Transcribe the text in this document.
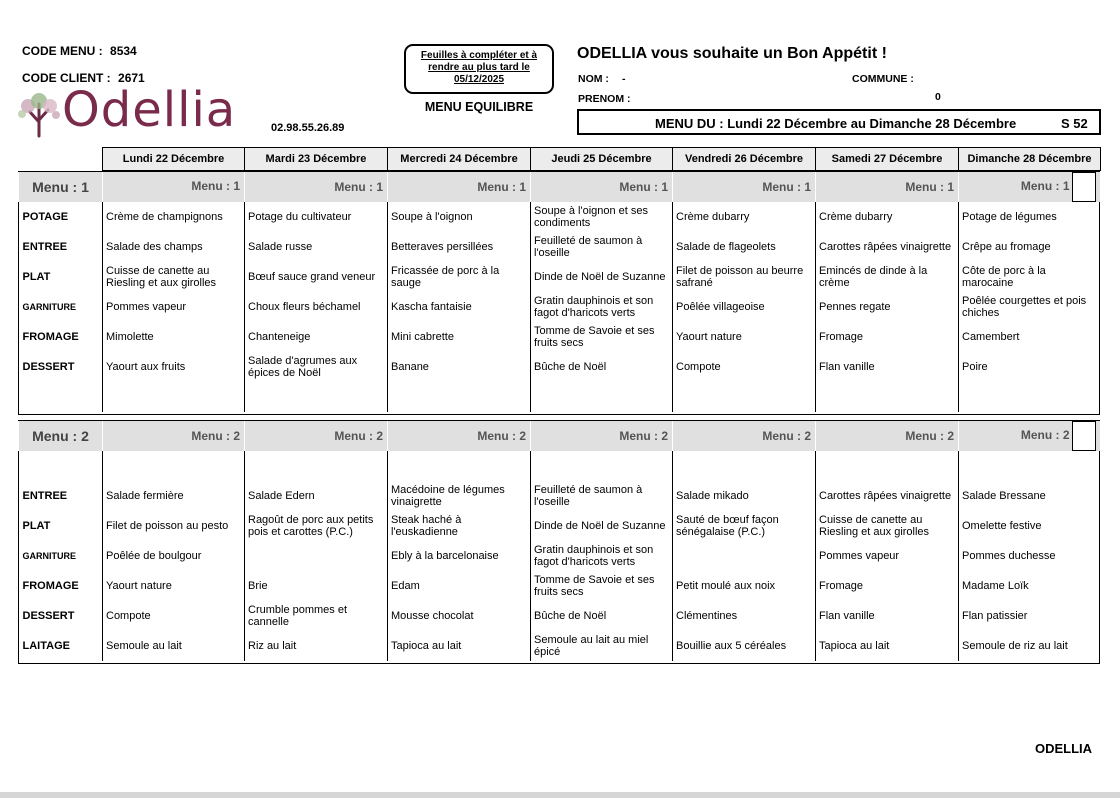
CODE MENU : 8534
CODE CLIENT : 2671
Odellia	02.98.55.26.89
Feuilles à compléter et à
rendre au plus tard le
05/12/2025
MENU EQUILIBRE
ODELLIA vous souhaite un Bon Appétit !
NOM : -	COMMUNE :
PRENOM :	0
MENU DU : Lundi 22 Décembre au Dimanche 28 Décembre	S 52
Lundi 22 Décembre	Mardi 23 Décembre	Mercredi 24 Décembre	Jeudi 25 Décembre	Vendredi 26 Décembre	Samedi 27 Décembre	Dimanche 28 Décembre
Menu : 1	Menu : 1	Menu : 1	Menu : 1	Menu : 1	Menu : 1	Menu : 1	Menu : 1
POTAGE	Crème de champignons	Potage du cultivateur	Soupe à l'oignon	Soupe à l'oignon et ses condiments	Crème dubarry	Crème dubarry	Potage de légumes
ENTREE	Salade des champs	Salade russe	Betteraves persillées	Feuilleté de saumon à l'oseille	Salade de flageolets	Carottes râpées vinaigrette	Crêpe au fromage
PLAT	Cuisse de canette au Riesling et aux girolles	Bœuf sauce grand veneur	Fricassée de porc à la sauge	Dinde de Noël de Suzanne	Filet de poisson au beurre safrané	Emincés de dinde à la crème	Côte de porc à la marocaine
GARNITURE	Pommes vapeur	Choux fleurs béchamel	Kascha fantaisie	Gratin dauphinois et son fagot d'haricots verts	Poêlée villageoise	Pennes regate	Poêlée courgettes et pois chiches
FROMAGE	Mimolette	Chanteneige	Mini cabrette	Tomme de Savoie et ses fruits secs	Yaourt nature	Fromage	Camembert
DESSERT	Yaourt aux fruits	Salade d'agrumes aux épices de Noël	Banane	Bûche de Noël	Compote	Flan vanille	Poire

Menu : 2	Menu : 2	Menu : 2	Menu : 2	Menu : 2	Menu : 2	Menu : 2	Menu : 2

ENTREE	Salade fermière	Salade Edern	Macédoine de légumes vinaigrette	Feuilleté de saumon à l'oseille	Salade mikado	Carottes râpées vinaigrette	Salade Bressane
PLAT	Filet de poisson au pesto	Ragoût de porc aux petits pois et carottes (P.C.)	Steak haché à l'euskadienne	Dinde de Noël de Suzanne	Sauté de bœuf façon sénégalaise (P.C.)	Cuisse de canette au Riesling et aux girolles	Omelette festive
GARNITURE	Poêlée de boulgour		Ebly à la barcelonaise	Gratin dauphinois et son fagot d'haricots verts		Pommes vapeur	Pommes duchesse
FROMAGE	Yaourt nature	Brie	Edam	Tomme de Savoie et ses fruits secs	Petit moulé aux noix	Fromage	Madame Loïk
DESSERT	Compote	Crumble pommes et cannelle	Mousse chocolat	Bûche de Noël	Clémentines	Flan vanille	Flan patissier
LAITAGE	Semoule au lait	Riz au lait	Tapioca au lait	Semoule au lait au miel épicé	Bouillie aux 5 céréales	Tapioca au lait	Semoule de riz au lait
ODELLIA
